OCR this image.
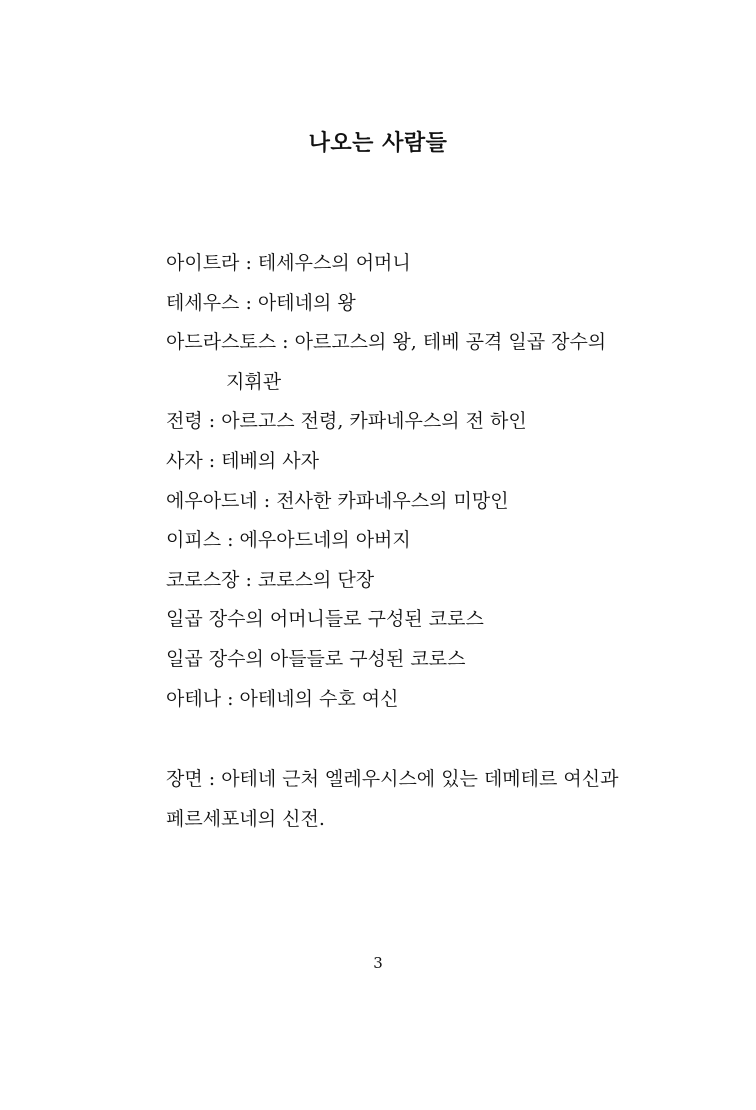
나오는 사람들
아이트라 : 테세우스의 어머니
테세우스 : 아테네의 왕
아드라스토스 : 아르고스의 왕, 테베 공격 일곱 장수의
지휘관
전령 : 아르고스 전령, 카파네우스의 전 하인
사자 : 테베의 사자
에우아드네 : 전사한 카파네우스의 미망인
이피스 : 에우아드네의 아버지
코로스장 : 코로스의 단장
일곱 장수의 어머니들로 구성된 코로스
일곱 장수의 아들들로 구성된 코로스
아테나 : 아테네의 수호 여신
장면 : 아테네 근처 엘레우시스에 있는 데메테르 여신과
페르세포네의 신전.
3
